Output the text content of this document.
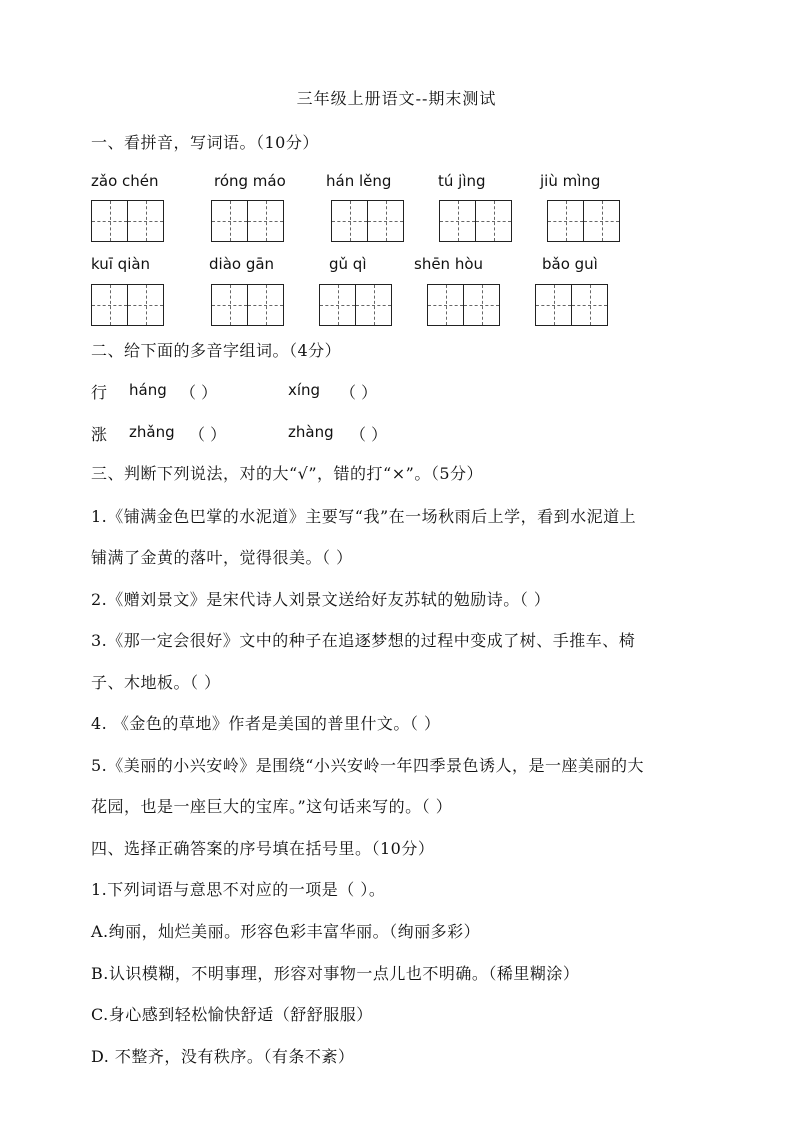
三年级上册语文--期末测试
一、看拼音，写词语。（10分）
zǎo chén	róng máo	hán lěng	tú jìng	jiù mìng
kuī qiàn	diào gān	gǔ qì	shēn hòu	bǎo guì
二、给下面的多音字组词。（4分）
行 háng （ ）	xíng （ ）
涨 zhǎng （ ）	zhàng （ ）
三、判断下列说法，对的大“√”，错的打“×”。（5分）
1.《铺满金色巴掌的水泥道》主要写“我”在一场秋雨后上学，看到水泥道上
铺满了金黄的落叶，觉得很美。（ ）
2.《赠刘景文》是宋代诗人刘景文送给好友苏轼的勉励诗。（ ）
3.《那一定会很好》文中的种子在追逐梦想的过程中变成了树、手推车、椅
子、木地板。（ ）
4. 《金色的草地》作者是美国的普里什文。（ ）
5.《美丽的小兴安岭》是围绕“小兴安岭一年四季景色诱人，是一座美丽的大
花园，也是一座巨大的宝库。”这句话来写的。（ ）
四、选择正确答案的序号填在括号里。（10分）
1.下列词语与意思不对应的一项是（ ）。
A.绚丽，灿烂美丽。形容色彩丰富华丽。（绚丽多彩）
B.认识模糊，不明事理，形容对事物一点儿也不明确。（稀里糊涂）
C.身心感到轻松愉快舒适（舒舒服服）
D. 不整齐，没有秩序。（有条不紊）
